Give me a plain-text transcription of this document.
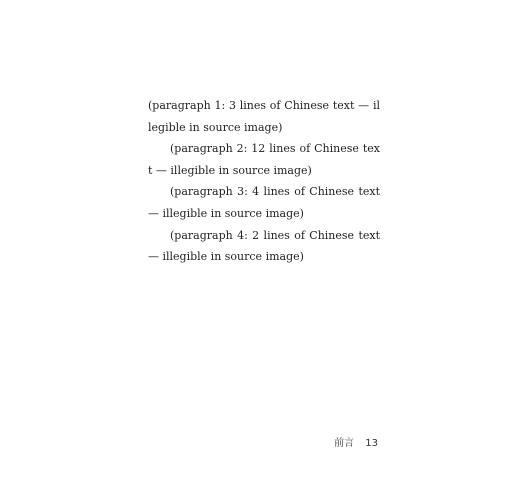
(paragraph 1: 3 lines of Chinese text — illegible in source image)

(paragraph 2: 12 lines of Chinese text — illegible in source image)

(paragraph 3: 4 lines of Chinese text — illegible in source image)

(paragraph 4: 2 lines of Chinese text — illegible in source image)

前言 13
